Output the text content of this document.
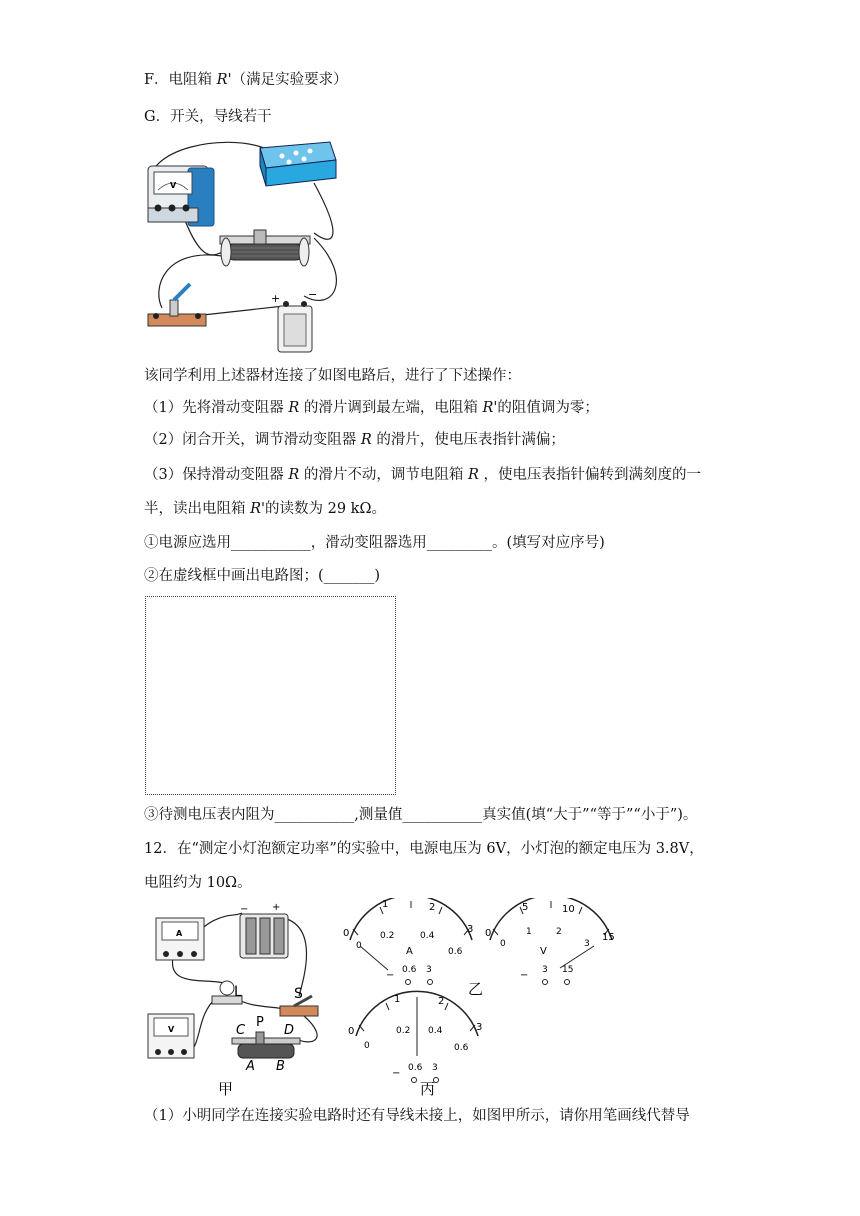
F．电阻箱 R'（满足实验要求）
G．开关，导线若干
V
+	−
该同学利用上述器材连接了如图电路后，进行了下述操作：
（1）先将滑动变阻器 R 的滑片调到最左端，电阻箱 R'的阻值调为零；
（2）闭合开关，调节滑动变阻器 R 的滑片，使电压表指针满偏；
（3）保持滑动变阻器 R 的滑片不动，调节电阻箱 R ，使电压表指针偏转到满刻度的一
半，读出电阻箱 R'的读数为 29 kΩ。
①电源应选用___________，滑动变阻器选用_________。(填写对应序号)
②在虚线框中画出电路图；(_______)
③待测电压表内阻为___________,测量值___________真实值(填“大于”“等于”“小于”)。
12．在“测定小灯泡额定功率”的实验中，电源电压为 6V，小灯泡的额定电压为 3.8V，
电阻约为 10Ω。
A
− +
L	S
V	C
P
D
A B
甲
0
1	2
3
0
0.2	0.4
0.6
A
− 0.6 3
0
5	10
15
0
1	2
3
V
− 3 15
乙
0
1	2
3
0
0.2 0.4
0.6
− 0.6 3
丙
（1）小明同学在连接实验电路时还有导线未接上，如图甲所示，请你用笔画线代替导
